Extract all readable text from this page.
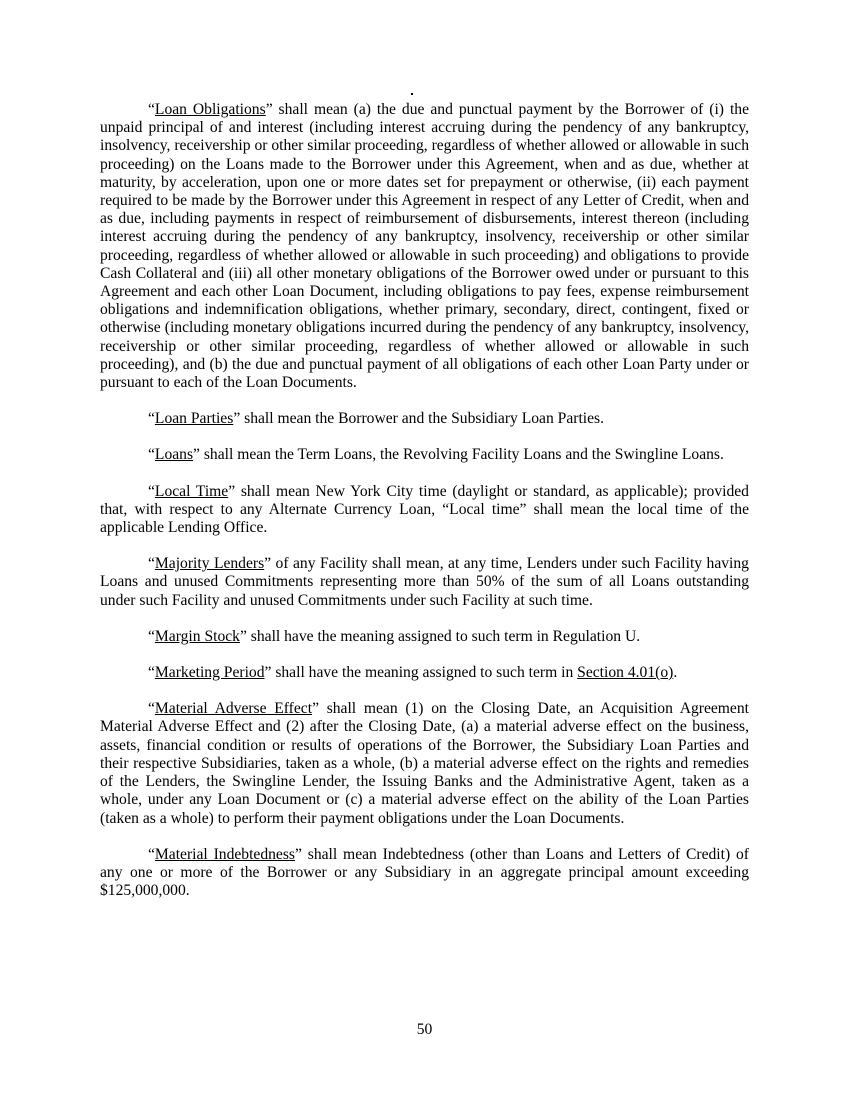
“Loan Obligations” shall mean (a) the due and punctual payment by the Borrower of (i) the unpaid principal of and interest (including interest accruing during the pendency of any bankruptcy, insolvency, receivership or other similar proceeding, regardless of whether allowed or allowable in such proceeding) on the Loans made to the Borrower under this Agreement, when and as due, whether at maturity, by acceleration, upon one or more dates set for prepayment or otherwise, (ii) each payment required to be made by the Borrower under this Agreement in respect of any Letter of Credit, when and as due, including payments in respect of reimbursement of disbursements, interest thereon (including interest accruing during the pendency of any bankruptcy, insolvency, receivership or other similar proceeding, regardless of whether allowed or allowable in such proceeding) and obligations to provide Cash Collateral and (iii) all other monetary obligations of the Borrower owed under or pursuant to this Agreement and each other Loan Document, including obligations to pay fees, expense reimbursement obligations and indemnification obligations, whether primary, secondary, direct, contingent, fixed or otherwise (including monetary obligations incurred during the pendency of any bankruptcy, insolvency, receivership or other similar proceeding, regardless of whether allowed or allowable in such proceeding), and (b) the due and punctual payment of all obligations of each other Loan Party under or pursuant to each of the Loan Documents.

“Loan Parties” shall mean the Borrower and the Subsidiary Loan Parties.

“Loans” shall mean the Term Loans, the Revolving Facility Loans and the Swingline Loans.

“Local Time” shall mean New York City time (daylight or standard, as applicable); provided that, with respect to any Alternate Currency Loan, “Local time” shall mean the local time of the applicable Lending Office.

“Majority Lenders” of any Facility shall mean, at any time, Lenders under such Facility having Loans and unused Commitments representing more than 50% of the sum of all Loans outstanding under such Facility and unused Commitments under such Facility at such time.

“Margin Stock” shall have the meaning assigned to such term in Regulation U.

“Marketing Period” shall have the meaning assigned to such term in Section 4.01(o).

“Material Adverse Effect” shall mean (1) on the Closing Date, an Acquisition Agreement Material Adverse Effect and (2) after the Closing Date, (a) a material adverse effect on the business, assets, financial condition or results of operations of the Borrower, the Subsidiary Loan Parties and their respective Subsidiaries, taken as a whole, (b) a material adverse effect on the rights and remedies of the Lenders, the Swingline Lender, the Issuing Banks and the Administrative Agent, taken as a whole, under any Loan Document or (c) a material adverse effect on the ability of the Loan Parties (taken as a whole) to perform their payment obligations under the Loan Documents.

“Material Indebtedness” shall mean Indebtedness (other than Loans and Letters of Credit) of any one or more of the Borrower or any Subsidiary in an aggregate principal amount exceeding $125,000,000.

50
